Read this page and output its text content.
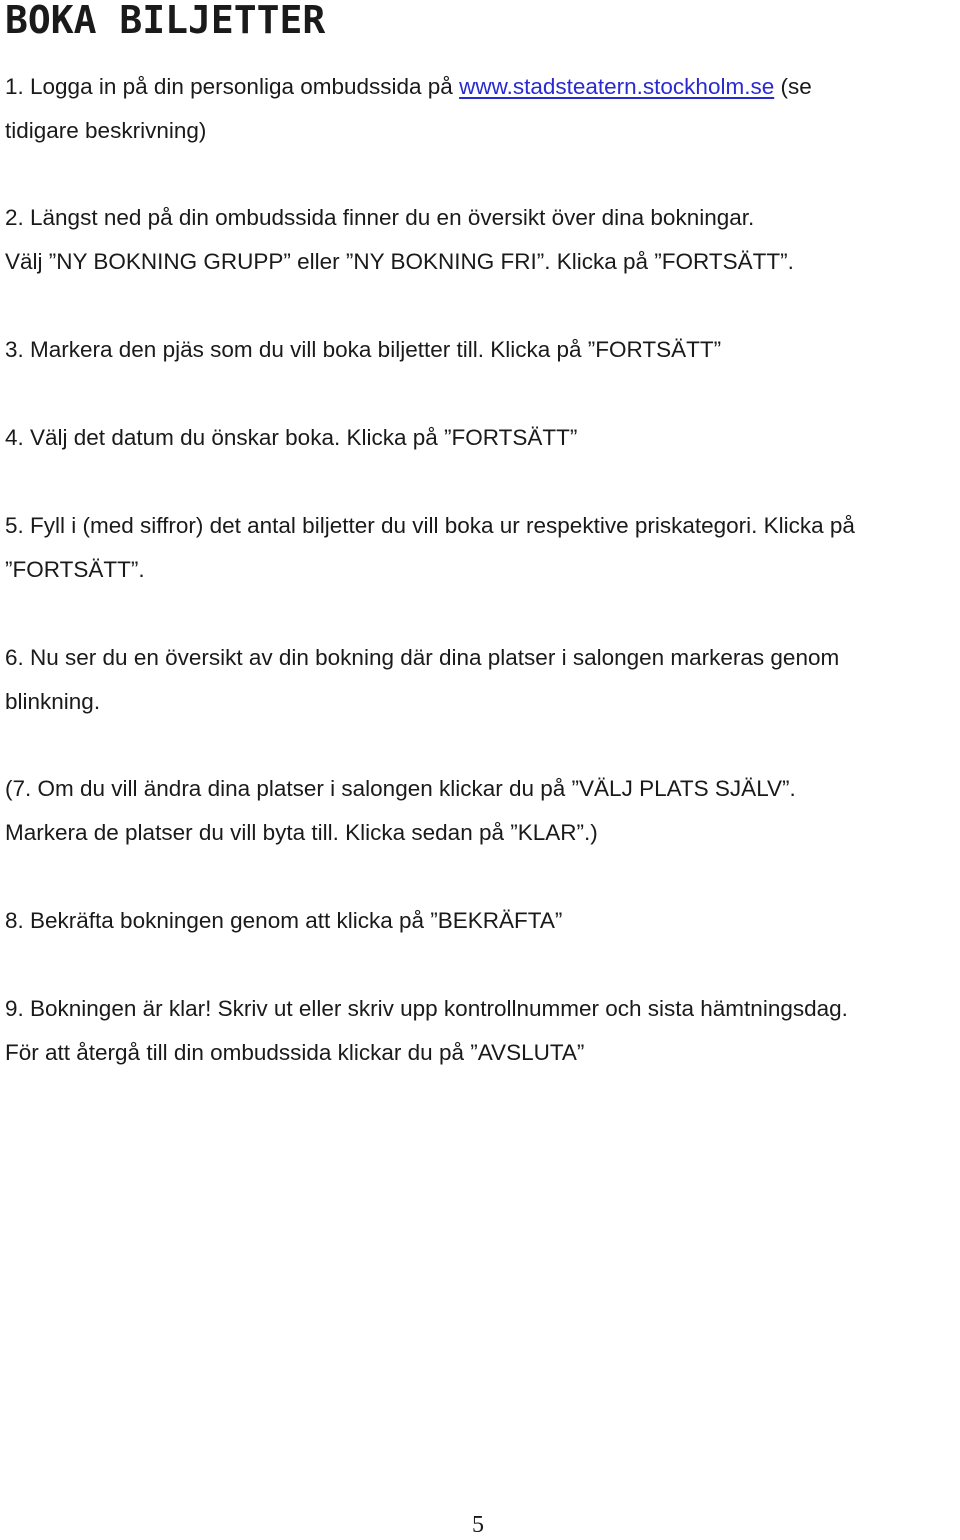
BOKA BILJETTER

1. Logga in på din personliga ombudssida på www.stadsteatern.stockholm.se (se
tidigare beskrivning)

2. Längst ned på din ombudssida finner du en översikt över dina bokningar.
Välj ”NY BOKNING GRUPP” eller ”NY BOKNING FRI”. Klicka på ”FORTSÄTT”.

3. Markera den pjäs som du vill boka biljetter till. Klicka på ”FORTSÄTT”

4. Välj det datum du önskar boka. Klicka på ”FORTSÄTT”

5. Fyll i (med siffror) det antal biljetter du vill boka ur respektive priskategori. Klicka på
”FORTSÄTT”.

6. Nu ser du en översikt av din bokning där dina platser i salongen markeras genom
blinkning.

(7. Om du vill ändra dina platser i salongen klickar du på ”VÄLJ PLATS SJÄLV”.
Markera de platser du vill byta till. Klicka sedan på ”KLAR”.)

8. Bekräfta bokningen genom att klicka på ”BEKRÄFTA”

9. Bokningen är klar! Skriv ut eller skriv upp kontrollnummer och sista hämtningsdag.
För att återgå till din ombudssida klickar du på ”AVSLUTA”

5
